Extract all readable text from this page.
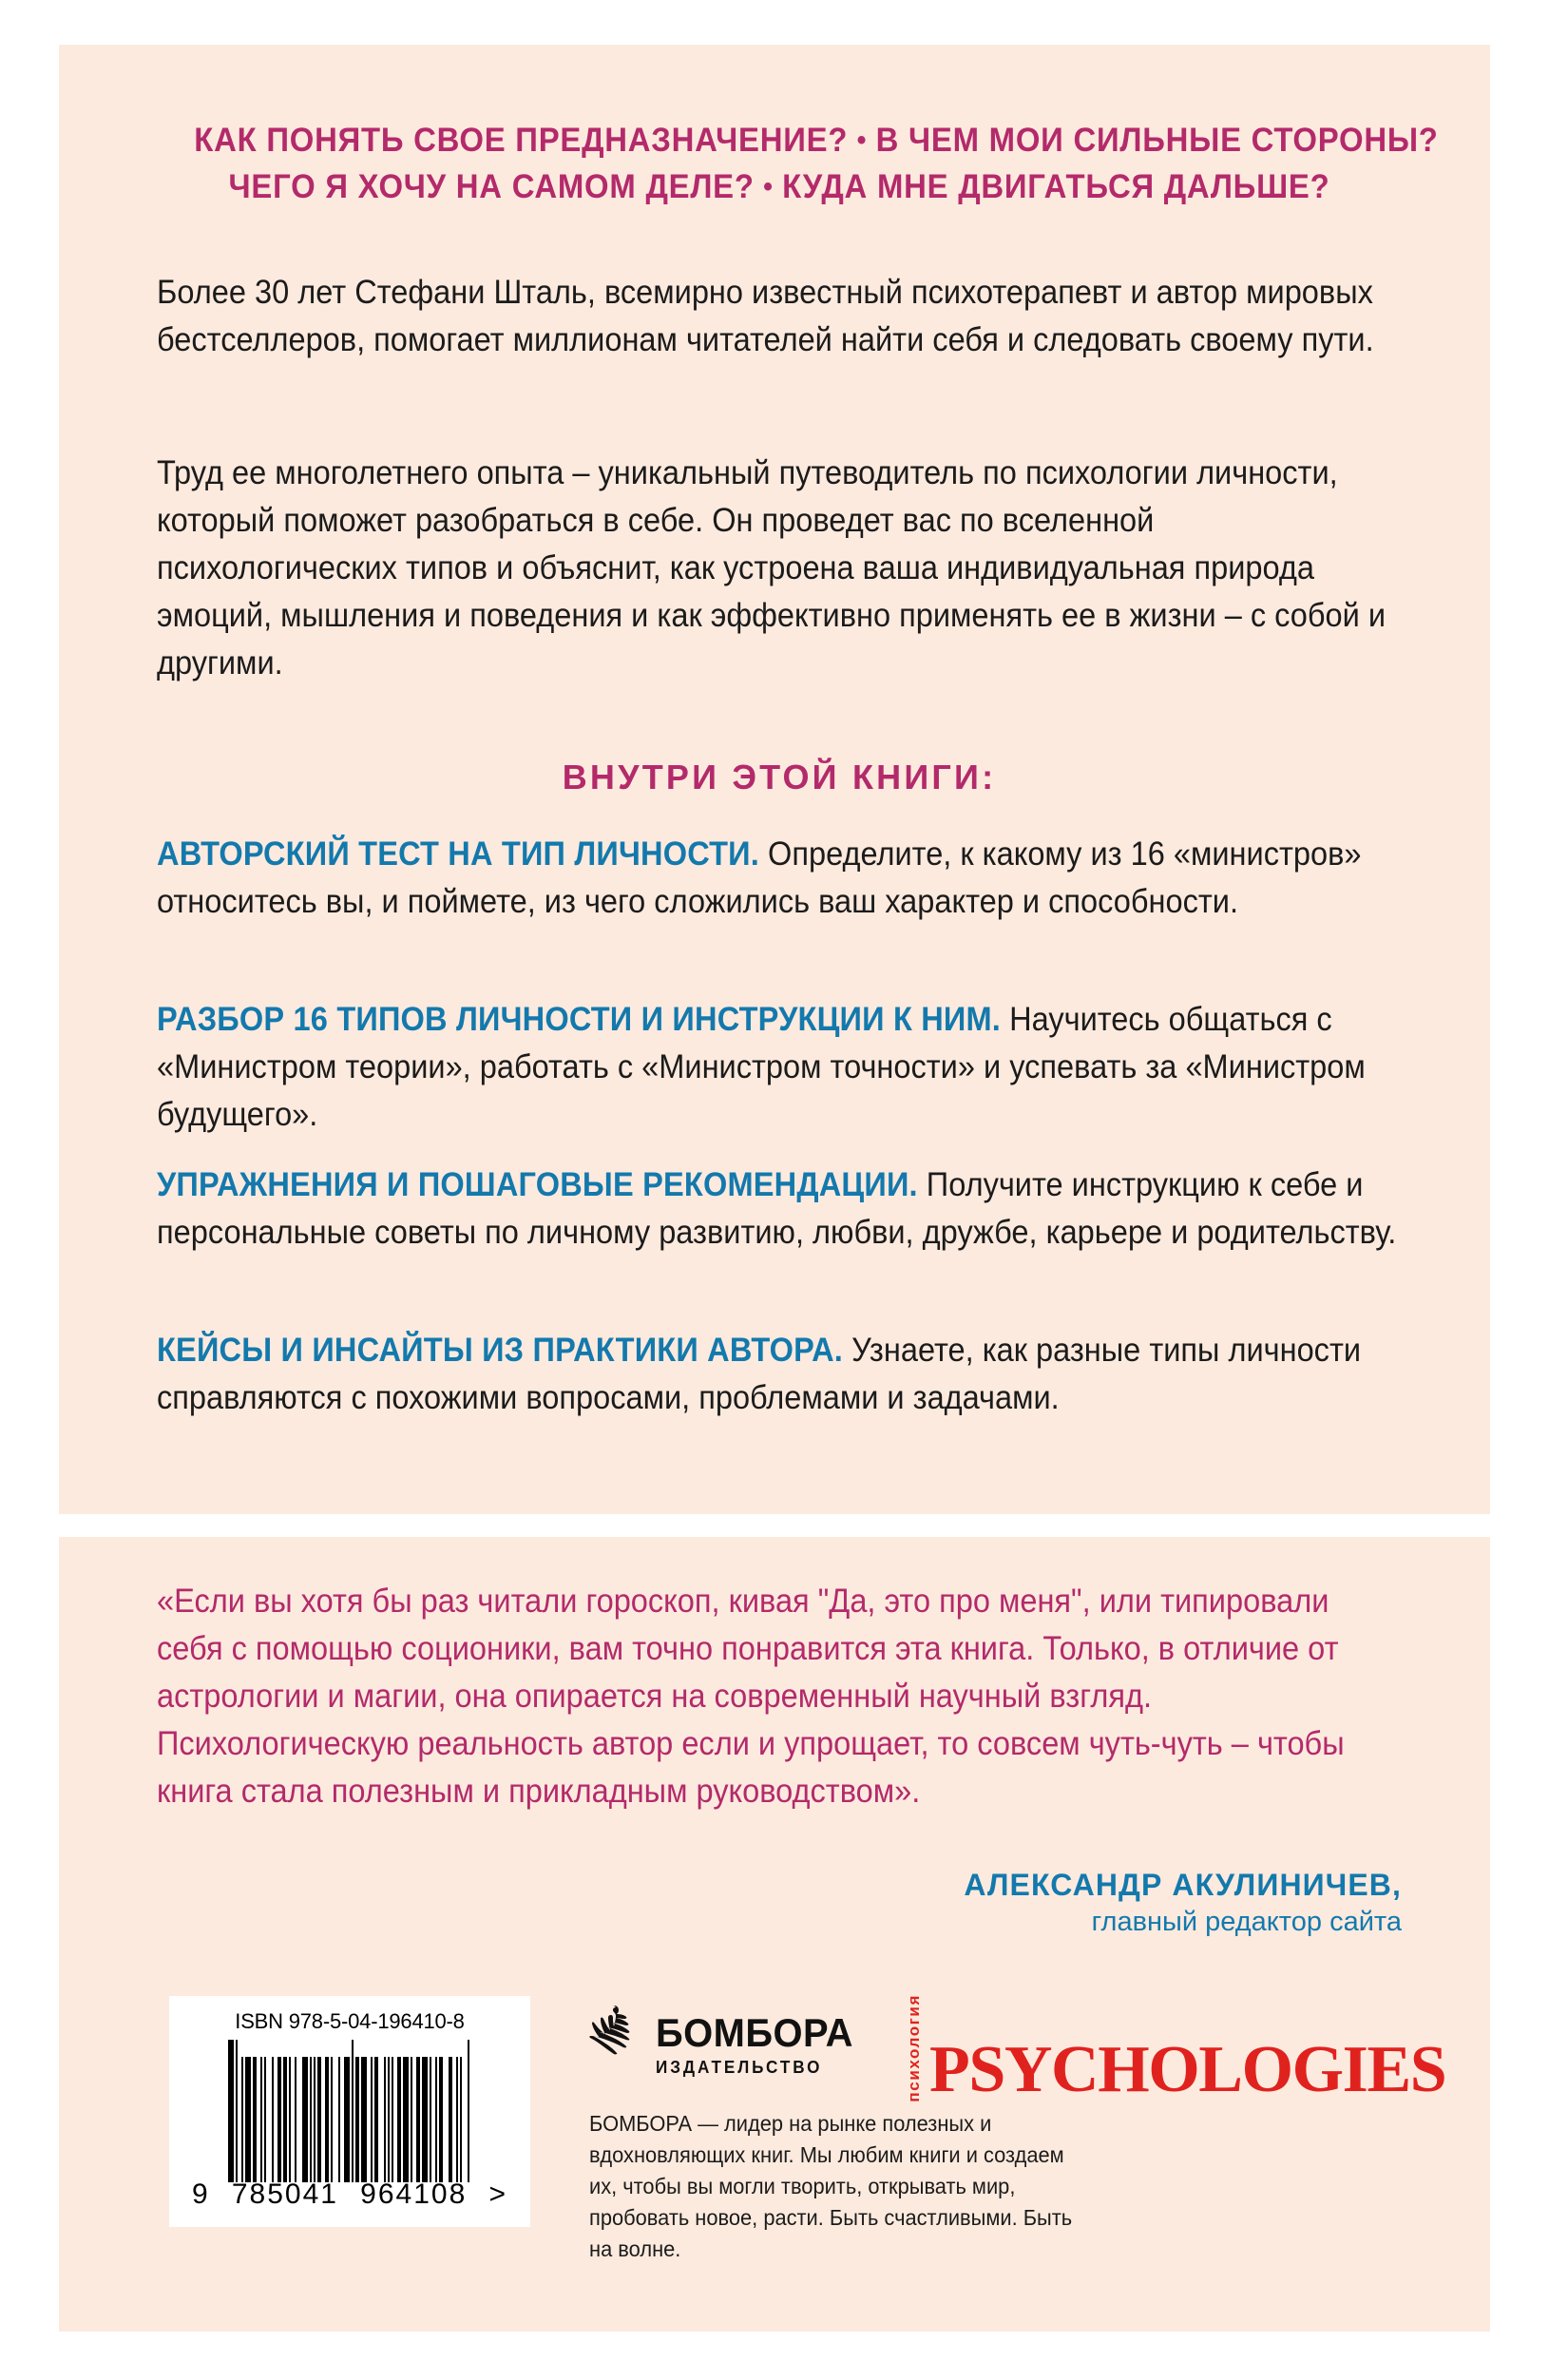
КАК ПОНЯТЬ СВОЕ ПРЕДНАЗНАЧЕНИЕ? • В ЧЕМ МОИ СИЛЬНЫЕ СТОРОНЫ?
ЧЕГО Я ХОЧУ НА САМОМ ДЕЛЕ? • КУДА МНЕ ДВИГАТЬСЯ ДАЛЬШЕ?

Более 30 лет Стефани Шталь, всемирно известный психотерапевт и автор мировых бестселлеров, помогает миллионам читателей найти себя и следовать своему пути.

Труд ее многолетнего опыта – уникальный путеводитель по психологии личности, который поможет разобраться в себе. Он проведет вас по вселенной психологических типов и объяснит, как устроена ваша индивидуальная природа эмоций, мышления и поведения и как эффективно применять ее в жизни – с собой и другими.

ВНУТРИ ЭТОЙ КНИГИ:

АВТОРСКИЙ ТЕСТ НА ТИП ЛИЧНОСТИ. Определите, к какому из 16 «министров» относитесь вы, и поймете, из чего сложились ваш характер и способности.

РАЗБОР 16 ТИПОВ ЛИЧНОСТИ И ИНСТРУКЦИИ К НИМ. Научитесь общаться с «Министром теории», работать с «Министром точности» и успевать за «Министром будущего».

УПРАЖНЕНИЯ И ПОШАГОВЫЕ РЕКОМЕНДАЦИИ. Получите инструкцию к себе и персональные советы по личному развитию, любви, дружбе, карьере и родительству.

КЕЙСЫ И ИНСАЙТЫ ИЗ ПРАКТИКИ АВТОРА. Узнаете, как разные типы личности справляются с похожими вопросами, проблемами и задачами.

«Если вы хотя бы раз читали гороскоп, кивая "Да, это про меня", или типировали себя с помощью соционики, вам точно понравится эта книга. Только, в отличие от астрологии и магии, она опирается на современный научный взгляд. Психологическую реальность автор если и упрощает, то совсем чуть-чуть – чтобы книга стала полезным и прикладным руководством».

АЛЕКСАНДР АКУЛИНИЧЕВ,
главный редактор сайта
ISBN 978-5-04-196410-8
9 785041 964108 >
БОМБОРА
ИЗДАТЕЛЬСТВО	психология PSYCHOLOGIES
БОМБОРА — лидер на рынке полезных и вдохновляющих книг. Мы любим книги и создаем их, чтобы вы могли творить, открывать мир, пробовать новое, расти. Быть счастливыми. Быть на волне.
